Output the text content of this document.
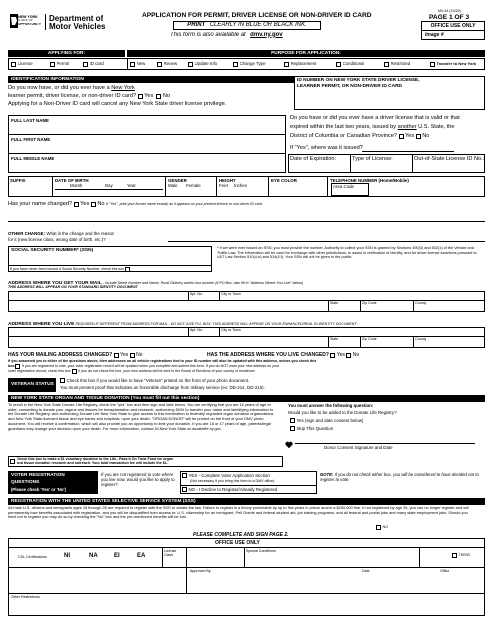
NEW YORK
STATE OF
OPPORTUNITY
Department of
Motor Vehicles
APPLICATION FOR PERMIT, DRIVER LICENSE OR NON-DRIVER ID CARD
MV-44 (10/20)
PAGE 1 OF 3
PRINT
CLEARLY IN BLUE OR BLACK INK.
This form is also available at
dmv.ny.gov
OFFICE USE ONLY
Image #
APPLYING FOR:	PURPOSE FOR APPLICATION:
License	Permit	ID card	New	Renew	Update Info	Change Type	Replacement	Conditional	Restricted	Transfer to New York
IDENTIFICATION INFORMATION
Do you now have, or did you ever have a New York
learner permit, driver license, or non-driver ID card?
Yes
No
Applying for a Non-Driver ID card will cancel any New York State driver license privilege.
ID NUMBER ON NEW YORK STATE DRIVER LICENSE,
LEARNER PERMIT, OR NON-DRIVER ID CARD
FULL LAST NAME
FULL FIRST NAME
FULL MIDDLE NAME
Do you have or did you ever have a driver license that is valid or that
expired within the last two years, issued by another U.S. State, the
District of Columbia or Canadian Province?
Yes
No
If "Yes", where was it issued?
Date of Expiration:	Type of License:	Out-of-State License ID No.:
SUFFIX	DATE OF BIRTH
Month	Day	Year
GENDER
Male Female
HEIGHT
Feet Inches
EYE COLOR	TELEPHONE NUMBER (Home/Mobile)
Area Code
Has your name changed?
Yes
No
If "Yes", print your former name exactly as it appears on your present license or non-driver ID card.
OTHER CHANGE: What is the change and the reason
for it (new license class, wrong date of birth, etc.)?
SOCIAL SECURITY NUMBER* (SSN)
If you have never been issued a Social Security Number, check this box

* If we were ever issued an SSN, you must provide the number. Authority to collect your SSN is granted by Sections 490(3) and 502(1) of the Vehicle and Traffic Law. The information will be used for exchange with other jurisdictions, to assist in verification of identity, and for driver license sanctions pursuant to V&T Law Section 510(4-e) and 510(4-f). Your SSN will not be given to the public.
ADDRESS WHERE YOU GET YOUR MAIL - Include Street Number and Name, Rural Delivery and/or box number (if PO Box, also fill in "Address Where You Live" below)
THIS ADDRESS WILL APPEAR ON YOUR STANDARD IDENTITY DOCUMENT
Apt. No.	City or Town
State	Zip Code	County
ADDRESS WHERE YOU LIVE REQUIRED IF DIFFERENT FROM ADDRESS FOR MAIL - DO NOT GIVE P.O. BOX. THIS ADDRESS WILL APPEAR ON YOUR ENHANCED/REAL ID IDENTITY DOCUMENT
Apt. No.	City or Town
State	Zip Code	County
HAS YOUR MAILING ADDRESS CHANGED?
Yes
No	HAS THE ADDRESS WHERE YOU LIVE CHANGED?
Yes
No
If you answered yes to either of the questions above, then addresses on all vehicle registrations tied to your ID number will also be updated with this address, unless you check this
box. If you are registered to vote, your voter registration record will be updated when you complete and submit this form. If you do NOT want your new address on your
voter registration record, check this box
If you do not check the box, your new address will be sent to the Board of Elections of your county of residence.
VETERAN STATUS
Check this box if you would like to have "Veteran" printed on the front of your photo document.
You must present proof that indicates an honorable discharge from military service (ex: DD-214, DD-215).
NEW YORK STATE ORGAN AND TISSUE DONATION (You must fill out this section)
To enroll in the New York State Donate Life Registry, check the "yes" box and then sign and date below. You are certifying that you are 16 years of age or older; consenting to donate your organs and tissues for transplantation and research; authorizing DMV to transfer your name and identifying information to the Donate Life Registry; and authorizing Donate Life New York State to give access to this information to federally regulated organ donation organizations and New York State-licensed tissue and eye banks and hospitals, upon your death. "ORGAN DONOR" will be printed on the front of your DMV photo document. You will receive a confirmation, which will also provide you an opportunity to limit your donation. If you are 16 or 17 years of age, parents/legal guardians may change your decision upon your death. For more information, contact DLNew York State at donatelife.ny.gov.
Check this box to make a $1 voluntary donation to the Life...Pass It On Trust Fund for organ
and tissue donation research and outreach. Your total transaction fee will include the $1.
You must answer the following question:
Would you like to be added to the Donate Life Registry?
Yes (sign and date consent below)
Skip This Question
Donor Consent Signature and Date
VOTER REGISTRATION
QUESTIONS
(Please check 'Yes' or 'No')
If you are not registered to vote where you live now, would you like to apply to register?
YES - Complete Voter Application Section
(Not necessary if you bring this form to a DMV office).
NO - I Decline to Register/Already Registered
NOTE: If you do not check either box, you will be considered to have decided not to register to vote.
REGISTRATION WITH THE UNITED STATES SELECTIVE SERVICE SYSTEM (SSS)
All male U.S. citizens and immigrants ages 18 through 25 are required to register with the SSS or violate the law. Failure to register is a felony punishable by up to five years in prison and/or a $250,000 fine. If not registered by age 26, you can no longer register and will permanently lose benefits associated with registration, and you will be disqualified from access to: U.S. citizenship for an immigrant, Pell Grants and federal student aid, job training programs, and all federal and postal jobs and many state employment jobs. Should you elect not to register you may do so by checking the "No" box and the pre-mentioned benefits will be lost.
NO
PLEASE COMPLETE AND SIGN PAGE 2.
OFFICE USE ONLY
CDL Certifications	NI	NA	EI	EA
License Class
Special Conditions
TEENS
Approved By	Date	Office
Other Restrictions
